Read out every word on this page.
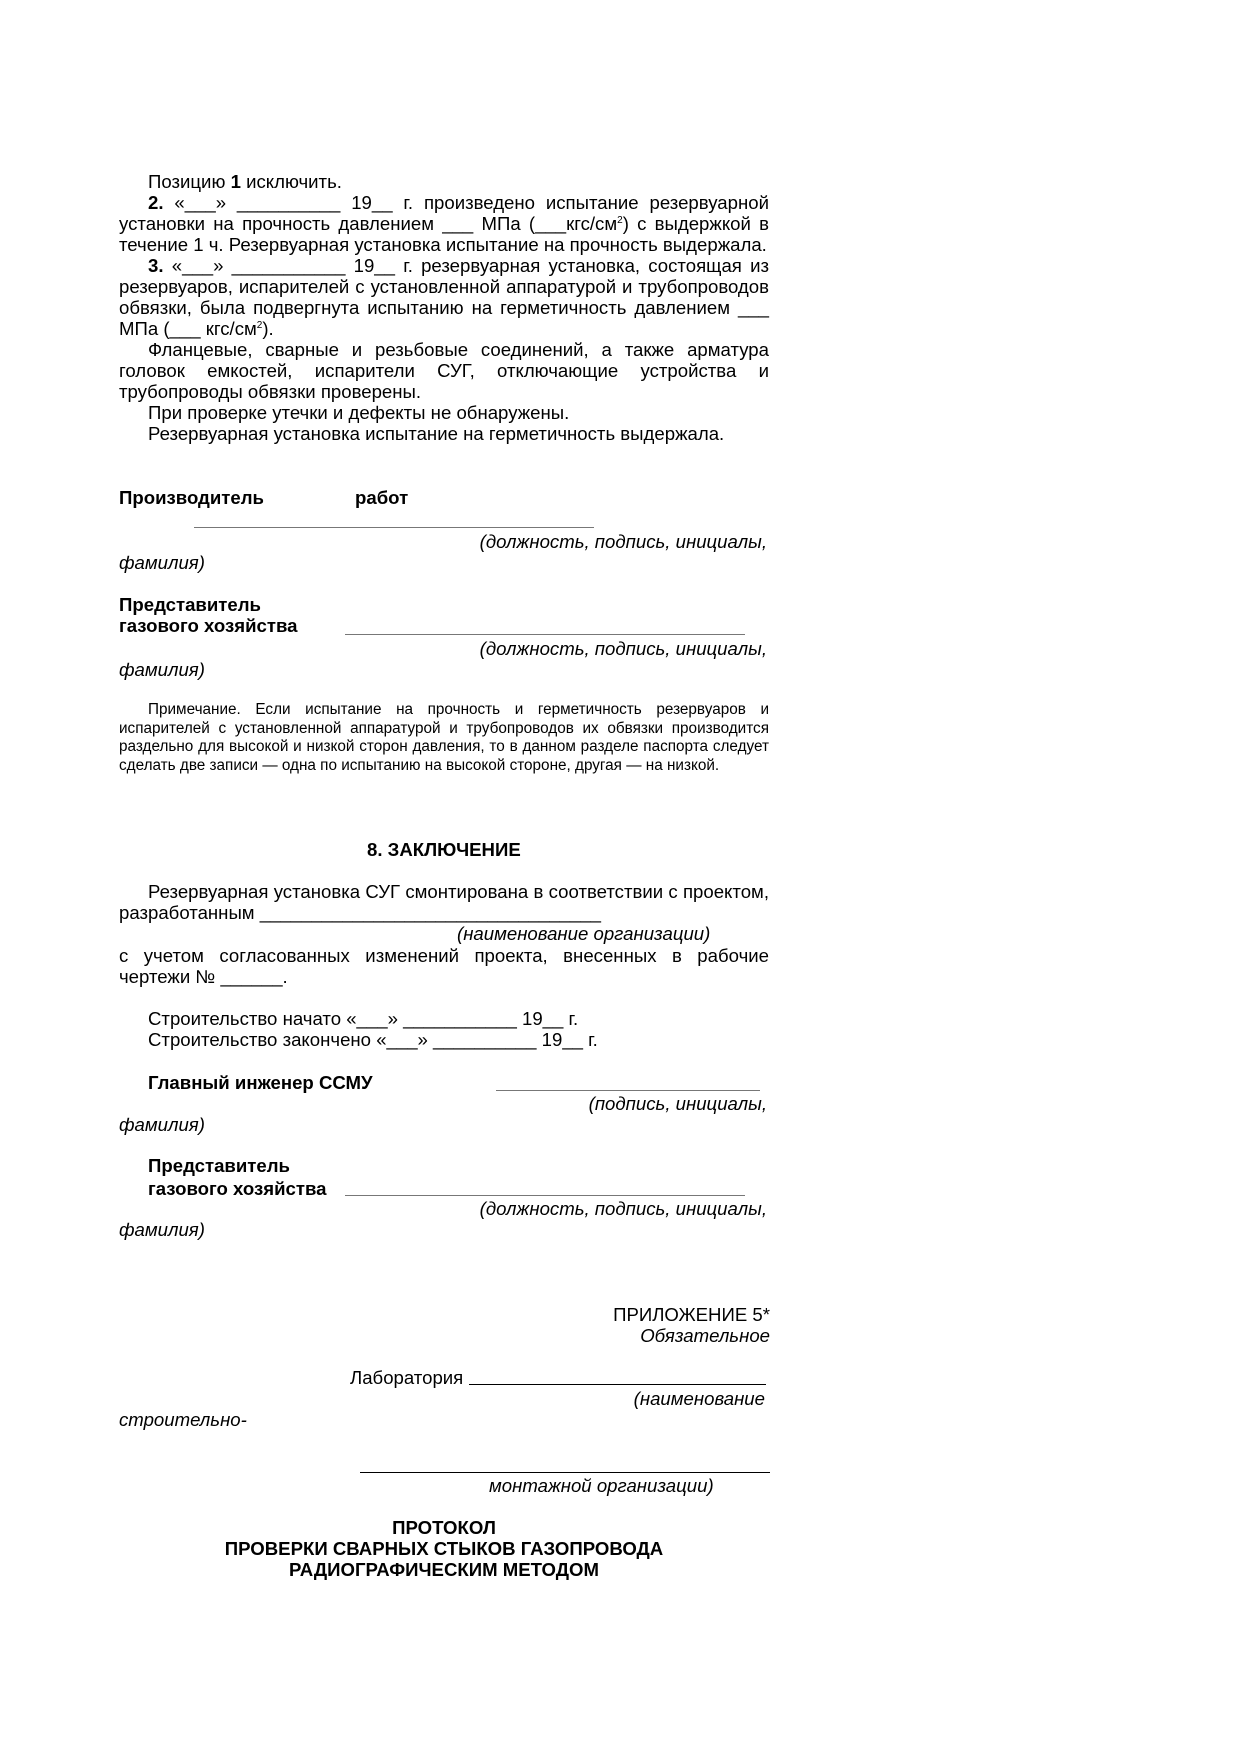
Позицию 1 исключить.

2. «___» __________ 19__ г. произведено испытание резервуарной установки на прочность давлением ___ МПа $(\_\_\_кгс/см^2)$ с выдержкой в течение 1 ч. Резервуарная установка испытание на прочность выдержала.

3. «___» ___________ 19__ г. резервуарная установка, состоящая из резервуаров, испарителей с установленной аппаратурой и трубопроводов обвязки, была подвергнута испытанию на герметичность давлением ___ МПа (___ кгс/$см^2$).

Фланцевые, сварные и резьбовые соединений, а также арматура головок емкостей, испарители СУГ, отключающие устройства и трубопроводы обвязки проверены.

При проверке утечки и дефекты не обнаружены.

Резервуарная установка испытание на герметичность выдержала.

Производитель	работ
(должность, подпись, инициалы,
фамилия)
Представитель
газового хозяйства
(должность, подпись, инициалы,
фамилия)

Примечание. Если испытание на прочность и герметичность резервуаров и испарителей с установленной аппаратурой и трубопроводов их обвязки производится раздельно для высокой и низкой сторон давления, то в данном разделе паспорта следует сделать две записи — одна по испытанию на высокой стороне, другая — на низкой.

8. ЗАКЛЮЧЕНИЕ

Резервуарная установка СУГ смонтирована в соответствии с проектом, разработанным _________________________________

(наименование организации)

с учетом согласованных изменений проекта, внесенных в рабочие чертежи № ______.

Строительство начато «___» ___________ 19__ г.
Строительство закончено «___» __________ 19__ г.
Главный инженер ССМУ
(подпись, инициалы,
фамилия)
Представитель
газового хозяйства
(должность, подпись, инициалы,
фамилия)
ПРИЛОЖЕНИЕ 5*
Обязательное
Лаборатория
(наименование
строительно-
монтажной организации)
ПРОТОКОЛ
ПРОВЕРКИ СВАРНЫХ СТЫКОВ ГАЗОПРОВОДА
РАДИОГРАФИЧЕСКИМ МЕТОДОМ
